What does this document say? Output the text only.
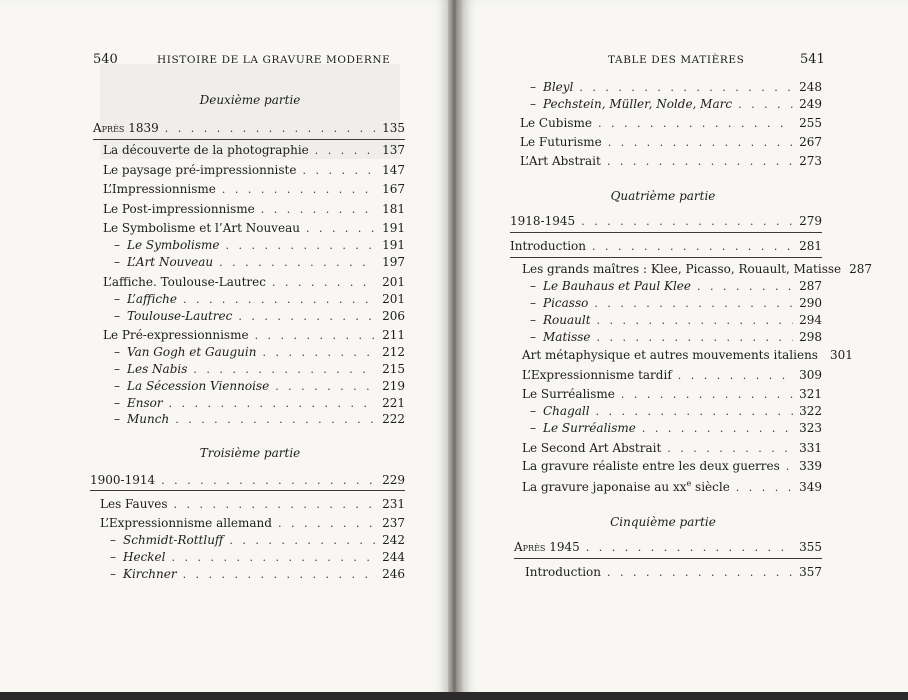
540	HISTOIRE DE LA GRAVURE MODERNE
Deuxième partie
Après 1839 . . .	135
La découverte de la photographie . . .	137
Le paysage pré-impressionniste . . .	147
L’Impressionnisme . . .	167
Le Post-impressionnisme . . .	181
Le Symbolisme et l’Art Nouveau . . .	191
– Le Symbolisme . . .	191
– L’Art Nouveau . . .	197
L’affiche. Toulouse-Lautrec . . .	201
– L’affiche . . .	201
– Toulouse-Lautrec . . .	206
Le Pré-expressionnisme . . .	211
– Van Gogh et Gauguin . . .	212
– Les Nabis . . .	215
– La Sécession Viennoise . . .	219
– Ensor . . .	221
– Munch . . .	222
Troisième partie
1900-1914 . . .	229
Les Fauves . . .	231
L’Expressionnisme allemand . . .	237
– Schmidt-Rottluff . . .	242
– Heckel . . .	244
– Kirchner . . .	246
TABLE DES MATIÈRES	541
– Bleyl . . .	248
– Pechstein, Müller, Nolde, Marc . . .	249
Le Cubisme . . .	255
Le Futurisme . . .	267
L’Art Abstrait . . .	273
Quatrième partie
1918-1945 . . .	279
Introduction . . .	281
Les grands maîtres : Klee, Picasso, Rouault, Matisse 287
– Le Bauhaus et Paul Klee . . .	287
– Picasso . . .	290
– Rouault . . .	294
– Matisse . . .	298
Art métaphysique et autres mouvements italiens 301
L’Expressionnisme tardif . . .	309
Le Surréalisme . . .	321
– Chagall . . .	322
– Le Surréalisme . . .	323
Le Second Art Abstrait . . .	331
La gravure réaliste entre les deux guerres . . . 339
La gravure japonaise au $xx^e$ siècle . . .	349
Cinquième partie
Après 1945 . . .	355
Introduction . . .	357
